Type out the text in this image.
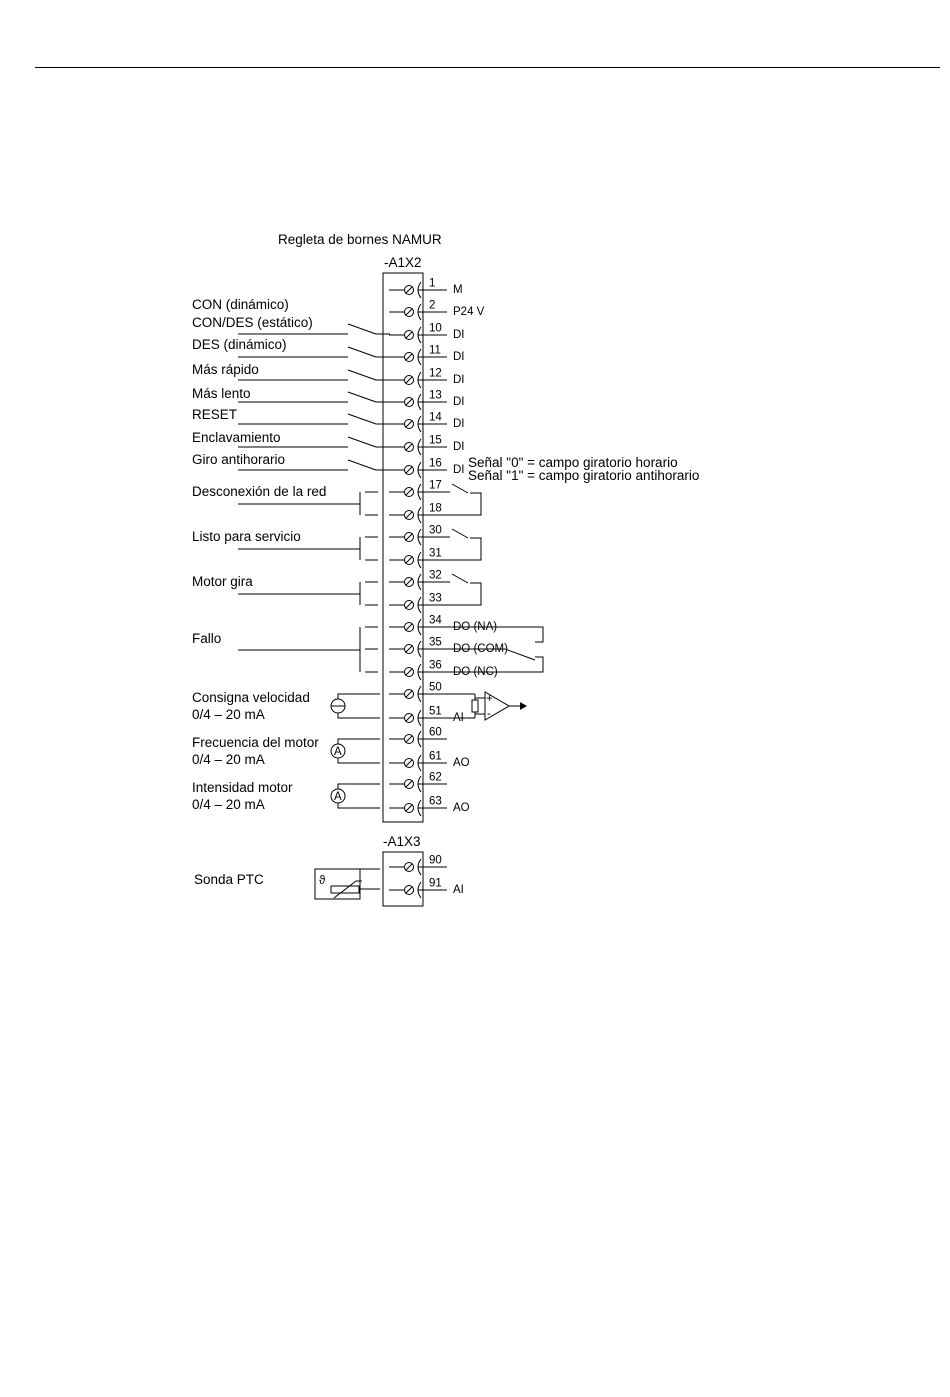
Regleta de bornes NAMUR
-A1X2
-A1X3
1
M
2
P24 V
10
DI
11
DI
12
DI
13
DI
14
DI
15
DI
16
DI
17
18
30
31
32
33
34
DO (NA)
35
DO (COM)
36
DO (NC)
50
51
AI
60
61
AO
62
63
AO
90
91
AI
CON (dinámico)
CON/DES (estático)
DES (dinámico)
Más rápido
Más lento
RESET
Enclavamiento
Giro antihorario
Desconexión de la red
Listo para servicio
Motor gira
Fallo
Consigna velocidad
0/4 – 20 mA
Frecuencia del motor
0/4 – 20 mA
Intensidad motor
0/4 – 20 mA
Sonda PTC
Señal "0" = campo giratorio horario
Señal "1" = campo giratorio antihorario
+
-
A
A
ϑ
